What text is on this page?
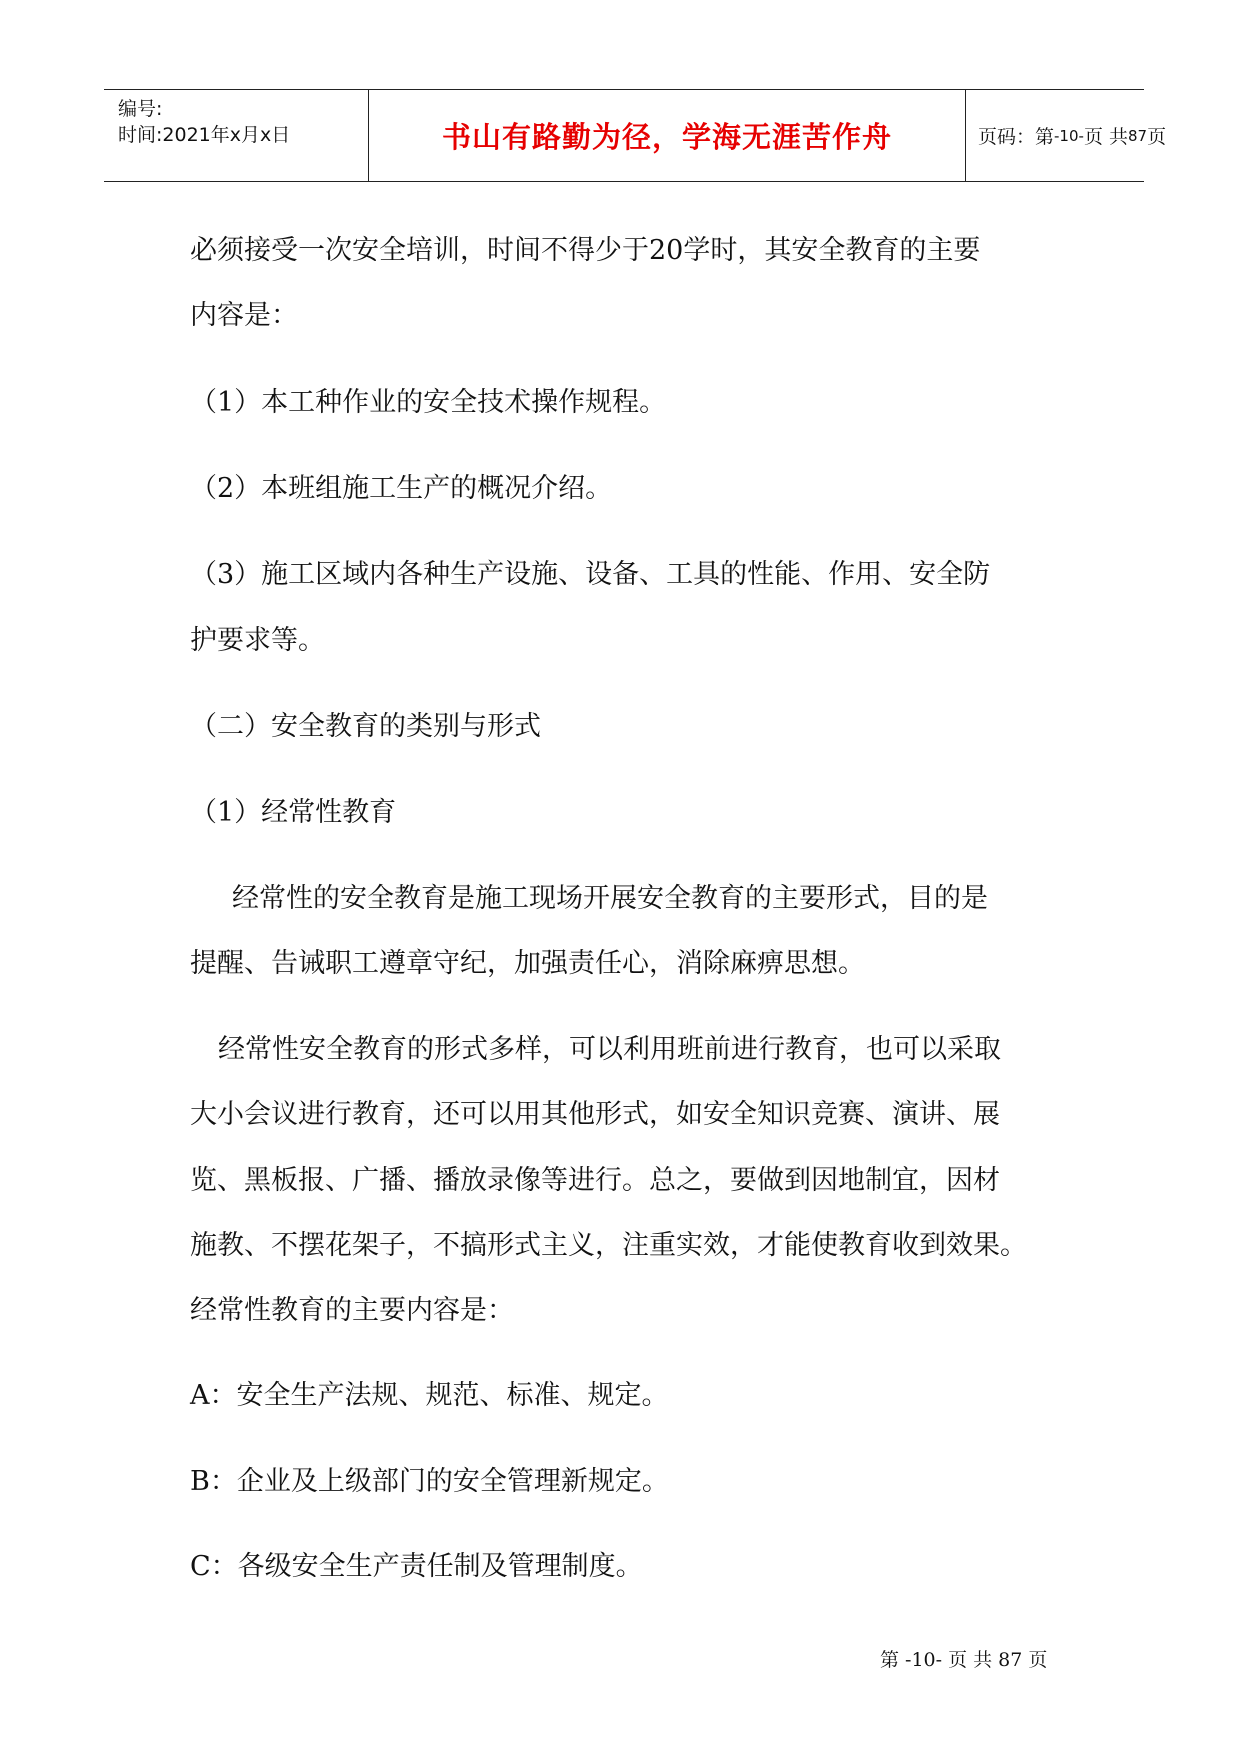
编号:
时间:2021年x月x日	书山有路勤为径，学海无涯苦作舟	页码：第 -10- 页 共 87 页
必须接受一次安全培训，时间不得少于20学时，其安全教育的主要
内容是：
（1）本工种作业的安全技术操作规程。
（2）本班组施工生产的概况介绍。
（3）施工区域内各种生产设施、设备、工具的性能、作用、安全防
护要求等。
（二）安全教育的类别与形式
（1）经常性教育
经常性的安全教育是施工现场开展安全教育的主要形式，目的是
提醒、告诫职工遵章守纪，加强责任心，消除麻痹思想。
经常性安全教育的形式多样，可以利用班前进行教育，也可以采取
大小会议进行教育，还可以用其他形式，如安全知识竞赛、演讲、展
览、黑板报、广播、播放录像等进行。总之，要做到因地制宜，因材
施教、不摆花架子，不搞形式主义，注重实效，才能使教育收到效果。
经常性教育的主要内容是：
A：安全生产法规、规范、标准、规定。
B：企业及上级部门的安全管理新规定。
C：各级安全生产责任制及管理制度。
第 -10- 页 共 87 页
